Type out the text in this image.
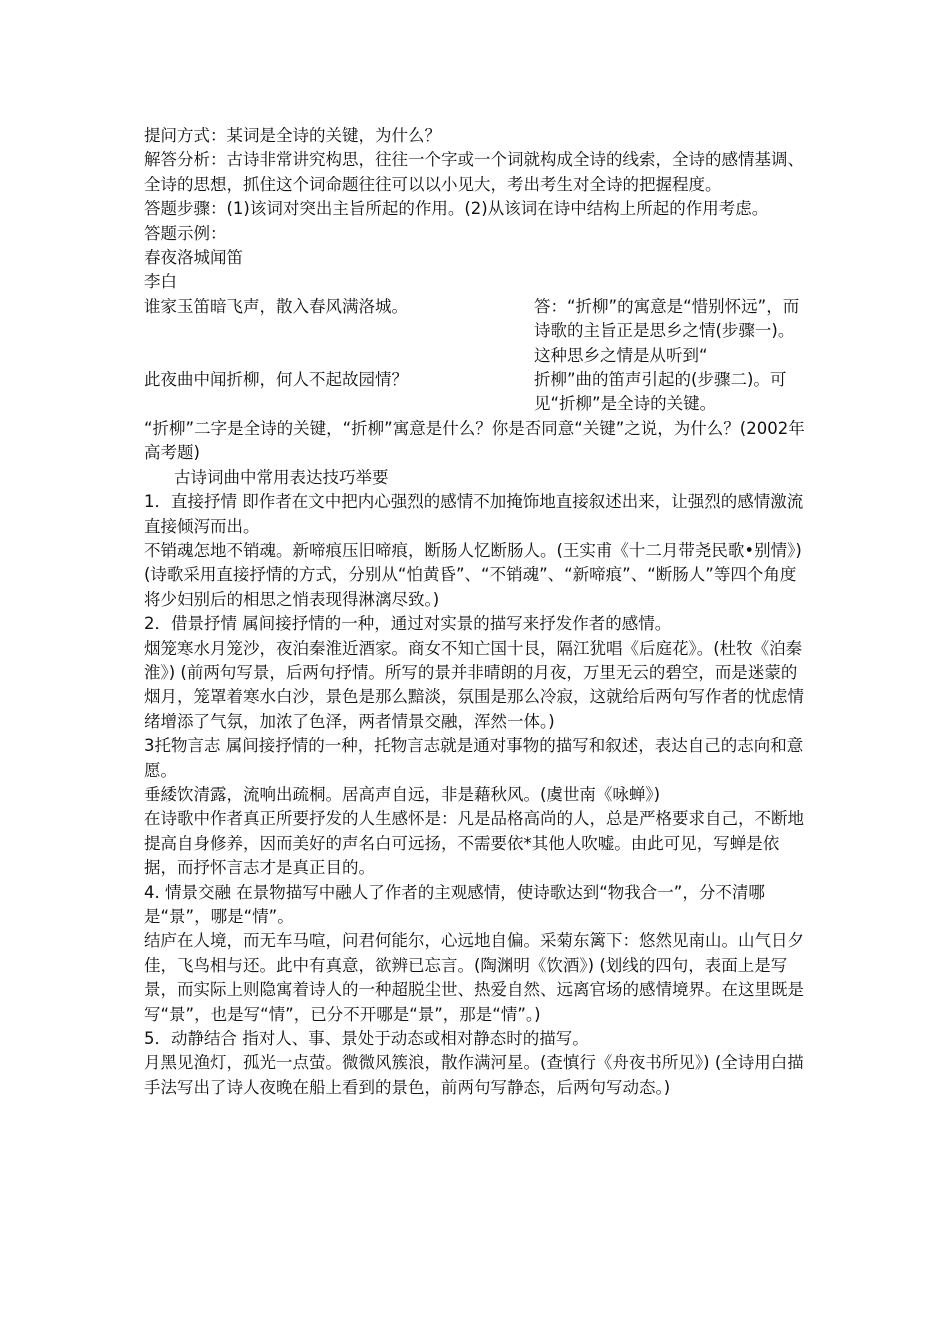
提问方式：某词是全诗的关键，为什么？

解答分析：古诗非常讲究构思，往往一个字或一个词就构成全诗的线索，全诗的感情基调、全诗的思想，抓住这个词命题往往可以以小见大，考出考生对全诗的把握程度。

答题步骤：(1)该词对突出主旨所起的作用。(2)从该词在诗中结构上所起的作用考虑。

答题示例：

春夜洛城闻笛

李白

谁家玉笛暗飞声，散入春风满洛城。	答：“折柳”的寓意是“惜别怀远”，而诗歌的主旨正是思乡之情(步骤一)。这种思乡之情是从听到“

此夜曲中闻折柳，何人不起故园情？	折柳”曲的笛声引起的(步骤二)。可见“折柳”是全诗的关键。

“折柳”二字是全诗的关键，“折柳”寓意是什么？你是否同意“关键”之说，为什么？(2002年高考题)

古诗词曲中常用表达技巧举要

1．直接抒情 即作者在文中把内心强烈的感情不加掩饰地直接叙述出来，让强烈的感情激流直接倾泻而出。

不销魂怎地不销魂。新啼痕压旧啼痕，断肠人忆断肠人。(王实甫《十二月带尧民歌•别情》) (诗歌采用直接抒情的方式，分别从“怕黄昏”、“不销魂”、“新啼痕”、“断肠人”等四个角度将少妇别后的相思之悄表现得淋漓尽致。)

2．借景抒情 属间接抒情的一种，通过对实景的描写来抒发作者的感情。

烟笼寒水月笼沙，夜泊秦淮近酒家。商女不知亡国十艮，隔江犹唱《后庭花》。(杜牧《泊秦淮》) (前两句写景，后两句抒情。所写的景并非晴朗的月夜，万里无云的碧空，而是迷蒙的烟月，笼罩着寒水白沙，景色是那么黯淡，氛围是那么冷寂，这就给后两句写作者的忧虑情绪增添了气氛，加浓了色泽，两者情景交融，浑然一体。)

3托物言志 属间接抒情的一种，托物言志就是通对事物的描写和叙述，表达自己的志向和意愿。

垂緌饮清露，流响出疏桐。居高声自远，非是藉秋风。(虞世南《咏蝉》)

在诗歌中作者真正所要抒发的人生感怀是：凡是品格高尚的人，总是严格要求自己，不断地提高自身修养，因而美好的声名白可远扬，不需要依*其他人吹嘘。由此可见，写蝉是依据，而抒怀言志才是真正目的。

4. 情景交融 在景物描写中融人了作者的主观感情，使诗歌达到“物我合一”，分不清哪是“景”，哪是“情”。

结庐在人境，而无车马喧，问君何能尔，心远地自偏。采菊东篱下：悠然见南山。山气日夕佳，飞鸟相与还。此中有真意，欲辨已忘言。(陶渊明《饮酒》) (划线的四句，表面上是写景，而实际上则隐寓着诗人的一种超脱尘世、热爱自然、远离官场的感情境界。在这里既是写“景”，也是写“情”，已分不开哪是“景”，那是“情”。)

5．动静结合 指对人、事、景处于动态或相对静态时的描写。

月黑见渔灯，孤光一点萤。微微风簇浪，散作满河星。(查慎行《舟夜书所见》) (全诗用白描手法写出了诗人夜晚在船上看到的景色，前两句写静态，后两句写动态。)
